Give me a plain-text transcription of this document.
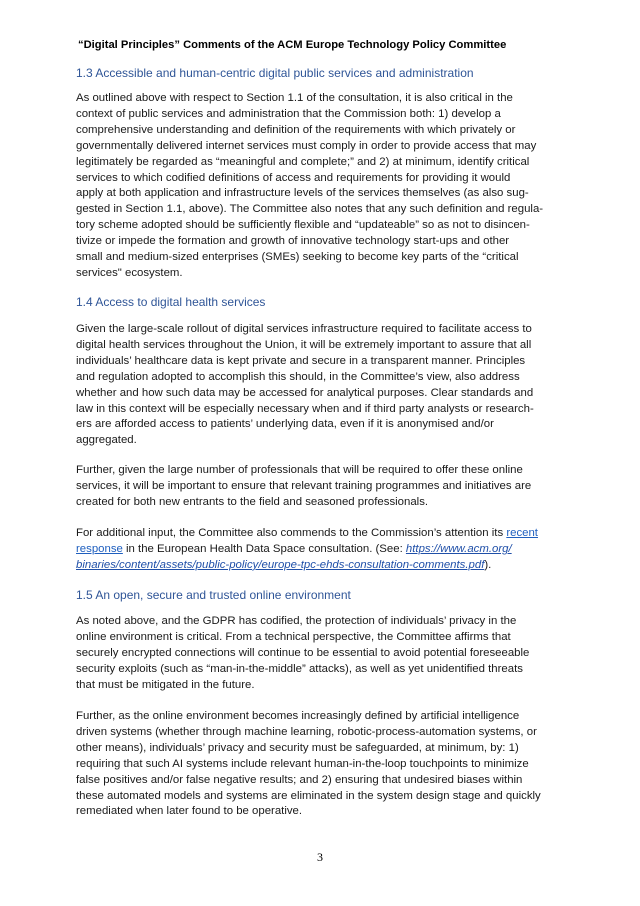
“Digital Principles” Comments of the ACM Europe Technology Policy Committee
1.3 Accessible and human-centric digital public services and administration
As outlined above with respect to Section 1.1 of the consultation, it is also critical in the
context of public services and administration that the Commission both: 1) develop a
comprehensive understanding and definition of the requirements with which privately or
governmentally delivered internet services must comply in order to provide access that may
legitimately be regarded as “meaningful and complete;” and 2) at minimum, identify critical
services to which codified definitions of access and requirements for providing it would
apply at both application and infrastructure levels of the services themselves (as also sug-
gested in Section 1.1, above). The Committee also notes that any such definition and regula-
tory scheme adopted should be sufficiently flexible and “updateable” so as not to disincen-
tivize or impede the formation and growth of innovative technology start-ups and other
small and medium-sized enterprises (SMEs) seeking to become key parts of the “critical
services" ecosystem.
1.4 Access to digital health services
Given the large-scale rollout of digital services infrastructure required to facilitate access to
digital health services throughout the Union, it will be extremely important to assure that all
individuals’ healthcare data is kept private and secure in a transparent manner. Principles
and regulation adopted to accomplish this should, in the Committee’s view, also address
whether and how such data may be accessed for analytical purposes. Clear standards and
law in this context will be especially necessary when and if third party analysts or research-
ers are afforded access to patients’ underlying data, even if it is anonymised and/or
aggregated.
Further, given the large number of professionals that will be required to offer these online
services, it will be important to ensure that relevant training programmes and initiatives are
created for both new entrants to the field and seasoned professionals.
For additional input, the Committee also commends to the Commission’s attention its recent
response in the European Health Data Space consultation. (See: https://www.acm.org/
binaries/content/assets/public-policy/europe-tpc-ehds-consultation-comments.pdf).
1.5 An open, secure and trusted online environment
As noted above, and the GDPR has codified, the protection of individuals’ privacy in the
online environment is critical. From a technical perspective, the Committee affirms that
securely encrypted connections will continue to be essential to avoid potential foreseeable
security exploits (such as “man-in-the-middle” attacks), as well as yet unidentified threats
that must be mitigated in the future.
Further, as the online environment becomes increasingly defined by artificial intelligence
driven systems (whether through machine learning, robotic-process-automation systems, or
other means), individuals’ privacy and security must be safeguarded, at minimum, by: 1)
requiring that such AI systems include relevant human-in-the-loop touchpoints to minimize
false positives and/or false negative results; and 2) ensuring that undesired biases within
these automated models and systems are eliminated in the system design stage and quickly
remediated when later found to be operative.
3
